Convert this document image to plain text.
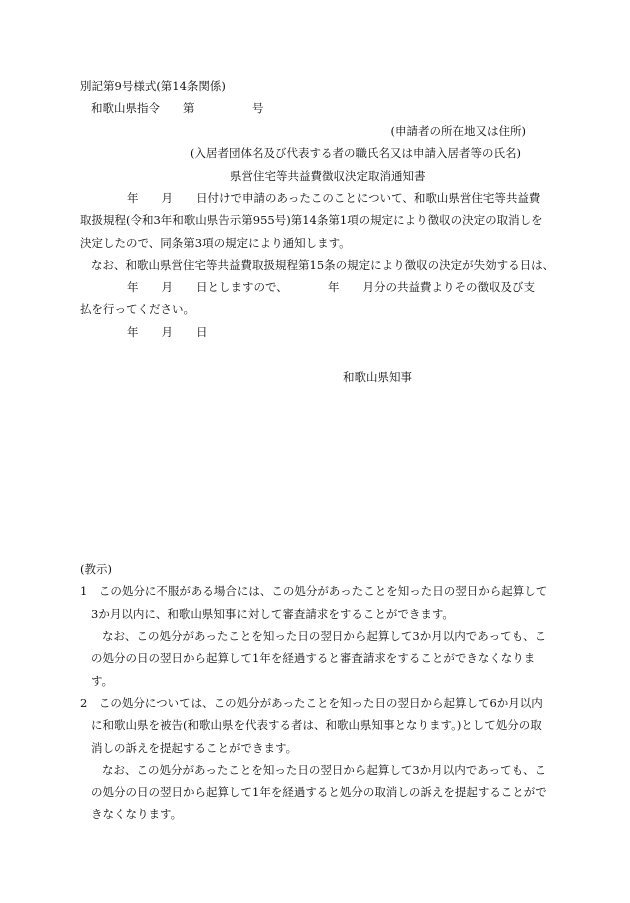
別記第9号様式(第14条関係)
和歌山県指令　　第　　　　　号
(申請者の所在地又は住所)
(入居者団体名及び代表する者の職氏名又は申請入居者等の氏名)
県営住宅等共益費徴収決定取消通知書
年　　月　　日付けで申請のあったこのことについて、和歌山県営住宅等共益費
取扱規程(令和3年和歌山県告示第955号)第14条第1項の規定により徴収の決定の取消しを
決定したので、同条第3項の規定により通知します。
なお、和歌山県営住宅等共益費取扱規程第15条の規定により徴収の決定が失効する日は、
年　　月　　日としますので、　　　　年　　月分の共益費よりその徴収及び支
払を行ってください。
年　　月　　日
和歌山県知事
(教示)
1　この処分に不服がある場合には、この処分があったことを知った日の翌日から起算して
3か月以内に、和歌山県知事に対して審査請求をすることができます。
なお、この処分があったことを知った日の翌日から起算して3か月以内であっても、こ
の処分の日の翌日から起算して1年を経過すると審査請求をすることができなくなりま
す。
2　この処分については、この処分があったことを知った日の翌日から起算して6か月以内
に和歌山県を被告(和歌山県を代表する者は、和歌山県知事となります。)として処分の取
消しの訴えを提起することができます。
なお、この処分があったことを知った日の翌日から起算して3か月以内であっても、こ
の処分の日の翌日から起算して1年を経過すると処分の取消しの訴えを提起することがで
きなくなります。
